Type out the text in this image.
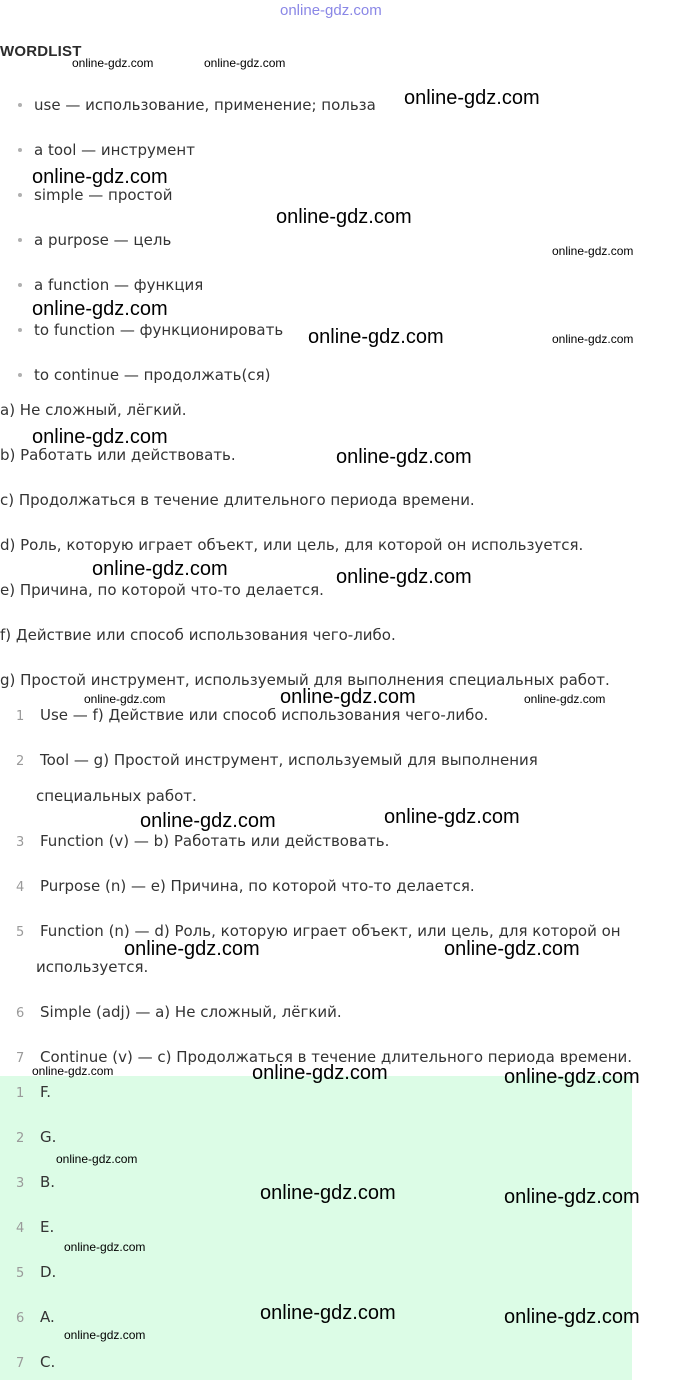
online-gdz.com
WORDLIST
use — использование, применение; польза
a tool — инструмент
simple — простой
a purpose — цель
a function — функция
to function — функционировать
to continue — продолжать(ся)
a) Не сложный, лёгкий.
b) Работать или действовать.
c) Продолжаться в течение длительного периода времени.
d) Роль, которую играет объект, или цель, для которой он используется.
e) Причина, по которой что-то делается.
f) Действие или способ использования чего-либо.
g) Простой инструмент, используемый для выполнения специальных работ.
1 Use — f) Действие или способ использования чего-либо.
2 Tool — g) Простой инструмент, используемый для выполнения
специальных работ.
3 Function (v) — b) Работать или действовать.
4 Purpose (n) — e) Причина, по которой что-то делается.
5 Function (n) — d) Роль, которую играет объект, или цель, для которой он
используется.
6 Simple (adj) — a) Не сложный, лёгкий.
7 Continue (v) — c) Продолжаться в течение длительного периода времени.
1 F.
2 G.
3 B.
4 E.
5 D.
6 A.
7 C.
online-gdz.com	online-gdz.com
online-gdz.com
online-gdz.com
online-gdz.com
online-gdz.com
online-gdz.com
online-gdz.com	online-gdz.com
online-gdz.com
online-gdz.com
online-gdz.com	online-gdz.com
online-gdz.com	online-gdz.com	online-gdz.com
online-gdz.com	online-gdz.com
online-gdz.com	online-gdz.com
online-gdz.com	online-gdz.com	online-gdz.com
online-gdz.com
online-gdz.com	online-gdz.com
online-gdz.com
online-gdz.com	online-gdz.com
online-gdz.com
